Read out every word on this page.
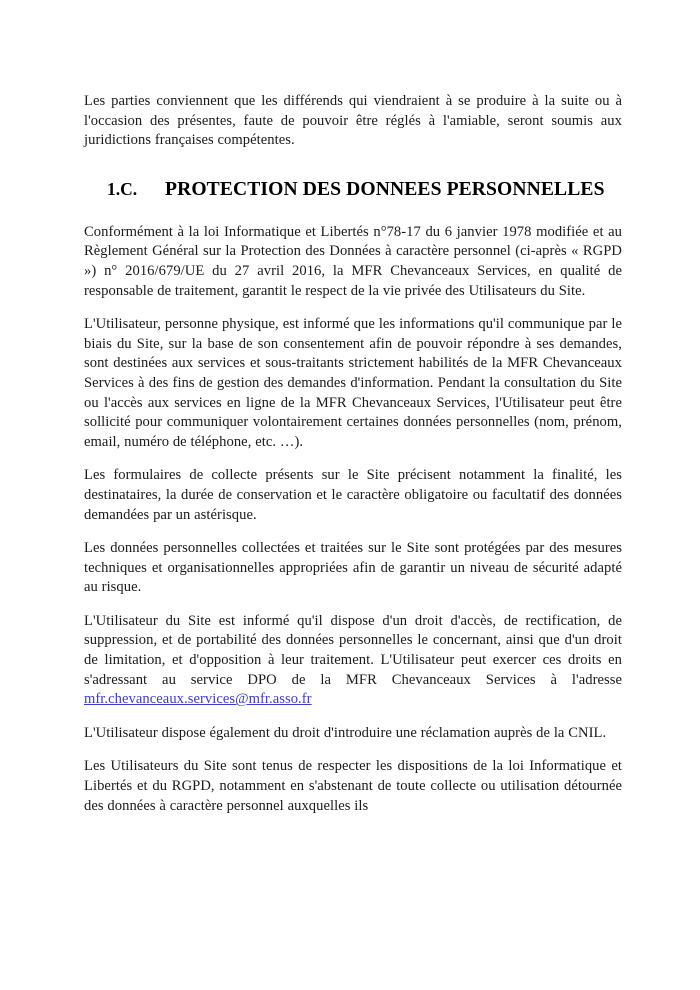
Les parties conviennent que les différends qui viendraient à se produire à la suite ou à l'occasion des présentes, faute de pouvoir être réglés à l'amiable, seront soumis aux juridictions françaises compétentes.

1.C. PROTECTION DES DONNEES PERSONNELLES

Conformément à la loi Informatique et Libertés n°78-17 du 6 janvier 1978 modifiée et au Règlement Général sur la Protection des Données à caractère personnel (ci-après « RGPD ») n° 2016/679/UE du 27 avril 2016, la MFR Chevanceaux Services, en qualité de responsable de traitement, garantit le respect de la vie privée des Utilisateurs du Site.

L'Utilisateur, personne physique, est informé que les informations qu'il communique par le biais du Site, sur la base de son consentement afin de pouvoir répondre à ses demandes, sont destinées aux services et sous-traitants strictement habilités de la MFR Chevanceaux Services à des fins de gestion des demandes d'information. Pendant la consultation du Site ou l'accès aux services en ligne de la MFR Chevanceaux Services, l'Utilisateur peut être sollicité pour communiquer volontairement certaines données personnelles (nom, prénom, email, numéro de téléphone, etc. …).

Les formulaires de collecte présents sur le Site précisent notamment la finalité, les destinataires, la durée de conservation et le caractère obligatoire ou facultatif des données demandées par un astérisque.

Les données personnelles collectées et traitées sur le Site sont protégées par des mesures techniques et organisationnelles appropriées afin de garantir un niveau de sécurité adapté au risque.

L'Utilisateur du Site est informé qu'il dispose d'un droit d'accès, de rectification, de suppression, et de portabilité des données personnelles le concernant, ainsi que d'un droit de limitation, et d'opposition à leur traitement. L'Utilisateur peut exercer ces droits en s'adressant au service DPO de la MFR Chevanceaux Services à l'adresse mfr.chevanceaux.services@mfr.asso.fr

L'Utilisateur dispose également du droit d'introduire une réclamation auprès de la CNIL.

Les Utilisateurs du Site sont tenus de respecter les dispositions de la loi Informatique et Libertés et du RGPD, notamment en s'abstenant de toute collecte ou utilisation détournée des données à caractère personnel auxquelles ils
